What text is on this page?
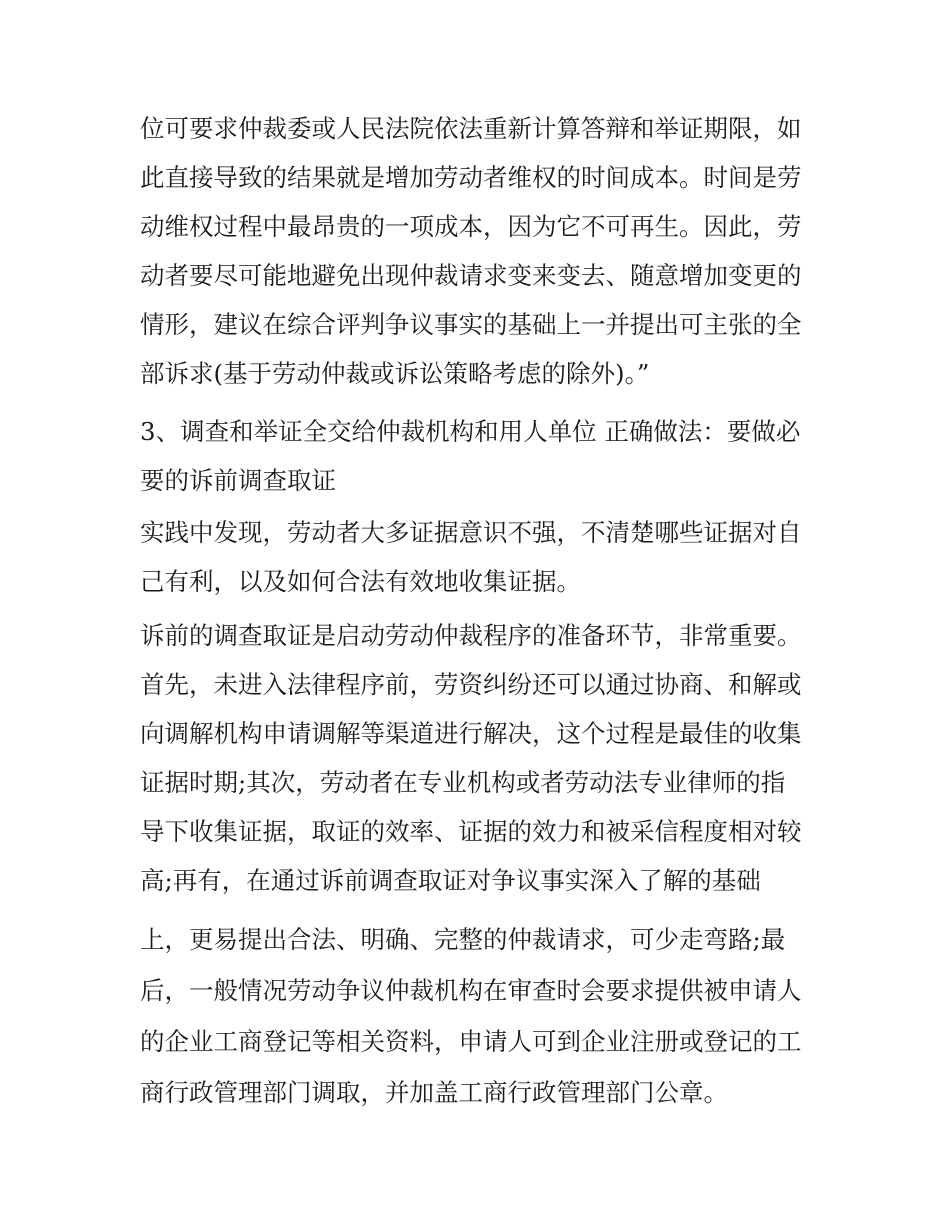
位可要求仲裁委或人民法院依法重新计算答辩和举证期限，如
此直接导致的结果就是增加劳动者维权的时间成本。时间是劳
动维权过程中最昂贵的一项成本，因为它不可再生。因此，劳
动者要尽可能地避免出现仲裁请求变来变去、随意增加变更的
情形，建议在综合评判争议事实的基础上一并提出可主张的全
部诉求(基于劳动仲裁或诉讼策略考虑的除外)。”
3、调查和举证全交给仲裁机构和用人单位 正确做法：要做必
要的诉前调查取证
实践中发现，劳动者大多证据意识不强，不清楚哪些证据对自
己有利，以及如何合法有效地收集证据。
诉前的调查取证是启动劳动仲裁程序的准备环节，非常重要。
首先，未进入法律程序前，劳资纠纷还可以通过协商、和解或
向调解机构申请调解等渠道进行解决，这个过程是最佳的收集
证据时期;其次，劳动者在专业机构或者劳动法专业律师的指
导下收集证据，取证的效率、证据的效力和被采信程度相对较
高;再有，在通过诉前调查取证对争议事实深入了解的基础
上，更易提出合法、明确、完整的仲裁请求，可少走弯路;最
后，一般情况劳动争议仲裁机构在审查时会要求提供被申请人
的企业工商登记等相关资料，申请人可到企业注册或登记的工
商行政管理部门调取，并加盖工商行政管理部门公章。
